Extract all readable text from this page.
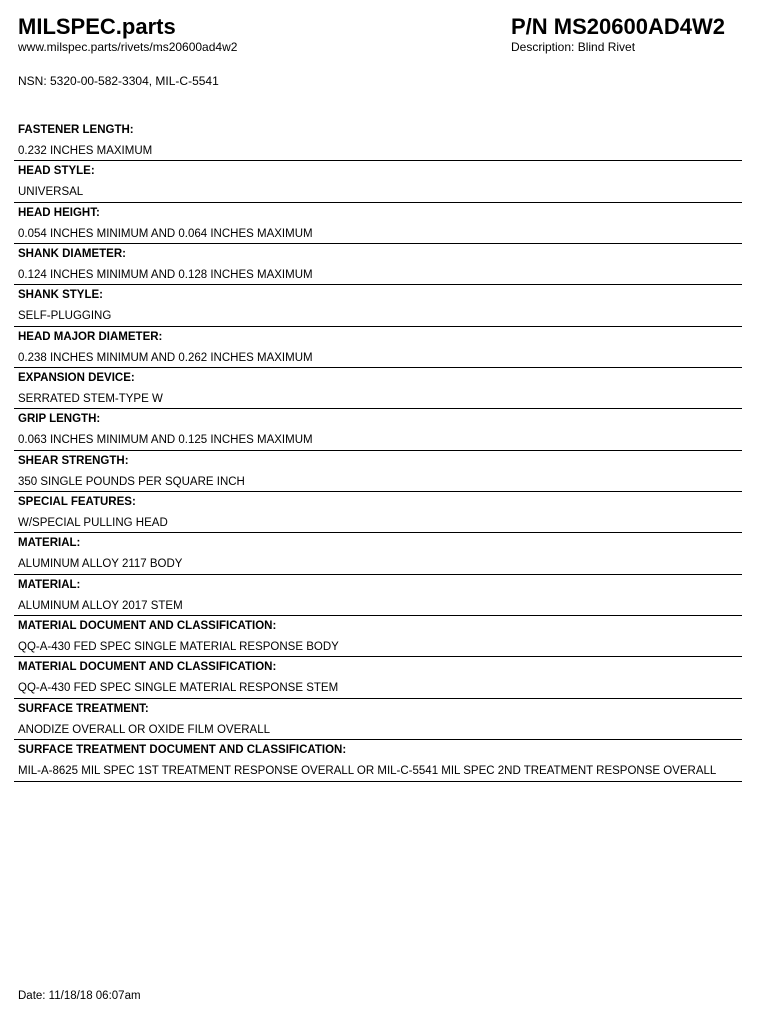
MILSPEC.parts
www.milspec.parts/rivets/ms20600ad4w2
P/N MS20600AD4W2
Description: Blind Rivet
NSN: 5320-00-582-3304, MIL-C-5541
FASTENER LENGTH:
0.232 INCHES MAXIMUM
HEAD STYLE:
UNIVERSAL
HEAD HEIGHT:
0.054 INCHES MINIMUM AND 0.064 INCHES MAXIMUM
SHANK DIAMETER:
0.124 INCHES MINIMUM AND 0.128 INCHES MAXIMUM
SHANK STYLE:
SELF-PLUGGING
HEAD MAJOR DIAMETER:
0.238 INCHES MINIMUM AND 0.262 INCHES MAXIMUM
EXPANSION DEVICE:
SERRATED STEM-TYPE W
GRIP LENGTH:
0.063 INCHES MINIMUM AND 0.125 INCHES MAXIMUM
SHEAR STRENGTH:
350 SINGLE POUNDS PER SQUARE INCH
SPECIAL FEATURES:
W/SPECIAL PULLING HEAD
MATERIAL:
ALUMINUM ALLOY 2117 BODY
MATERIAL:
ALUMINUM ALLOY 2017 STEM
MATERIAL DOCUMENT AND CLASSIFICATION:
QQ-A-430 FED SPEC SINGLE MATERIAL RESPONSE BODY
MATERIAL DOCUMENT AND CLASSIFICATION:
QQ-A-430 FED SPEC SINGLE MATERIAL RESPONSE STEM
SURFACE TREATMENT:
ANODIZE OVERALL OR OXIDE FILM OVERALL
SURFACE TREATMENT DOCUMENT AND CLASSIFICATION:
MIL-A-8625 MIL SPEC 1ST TREATMENT RESPONSE OVERALL OR MIL-C-5541 MIL SPEC 2ND TREATMENT RESPONSE OVERALL
Date: 11/18/18 06:07am
